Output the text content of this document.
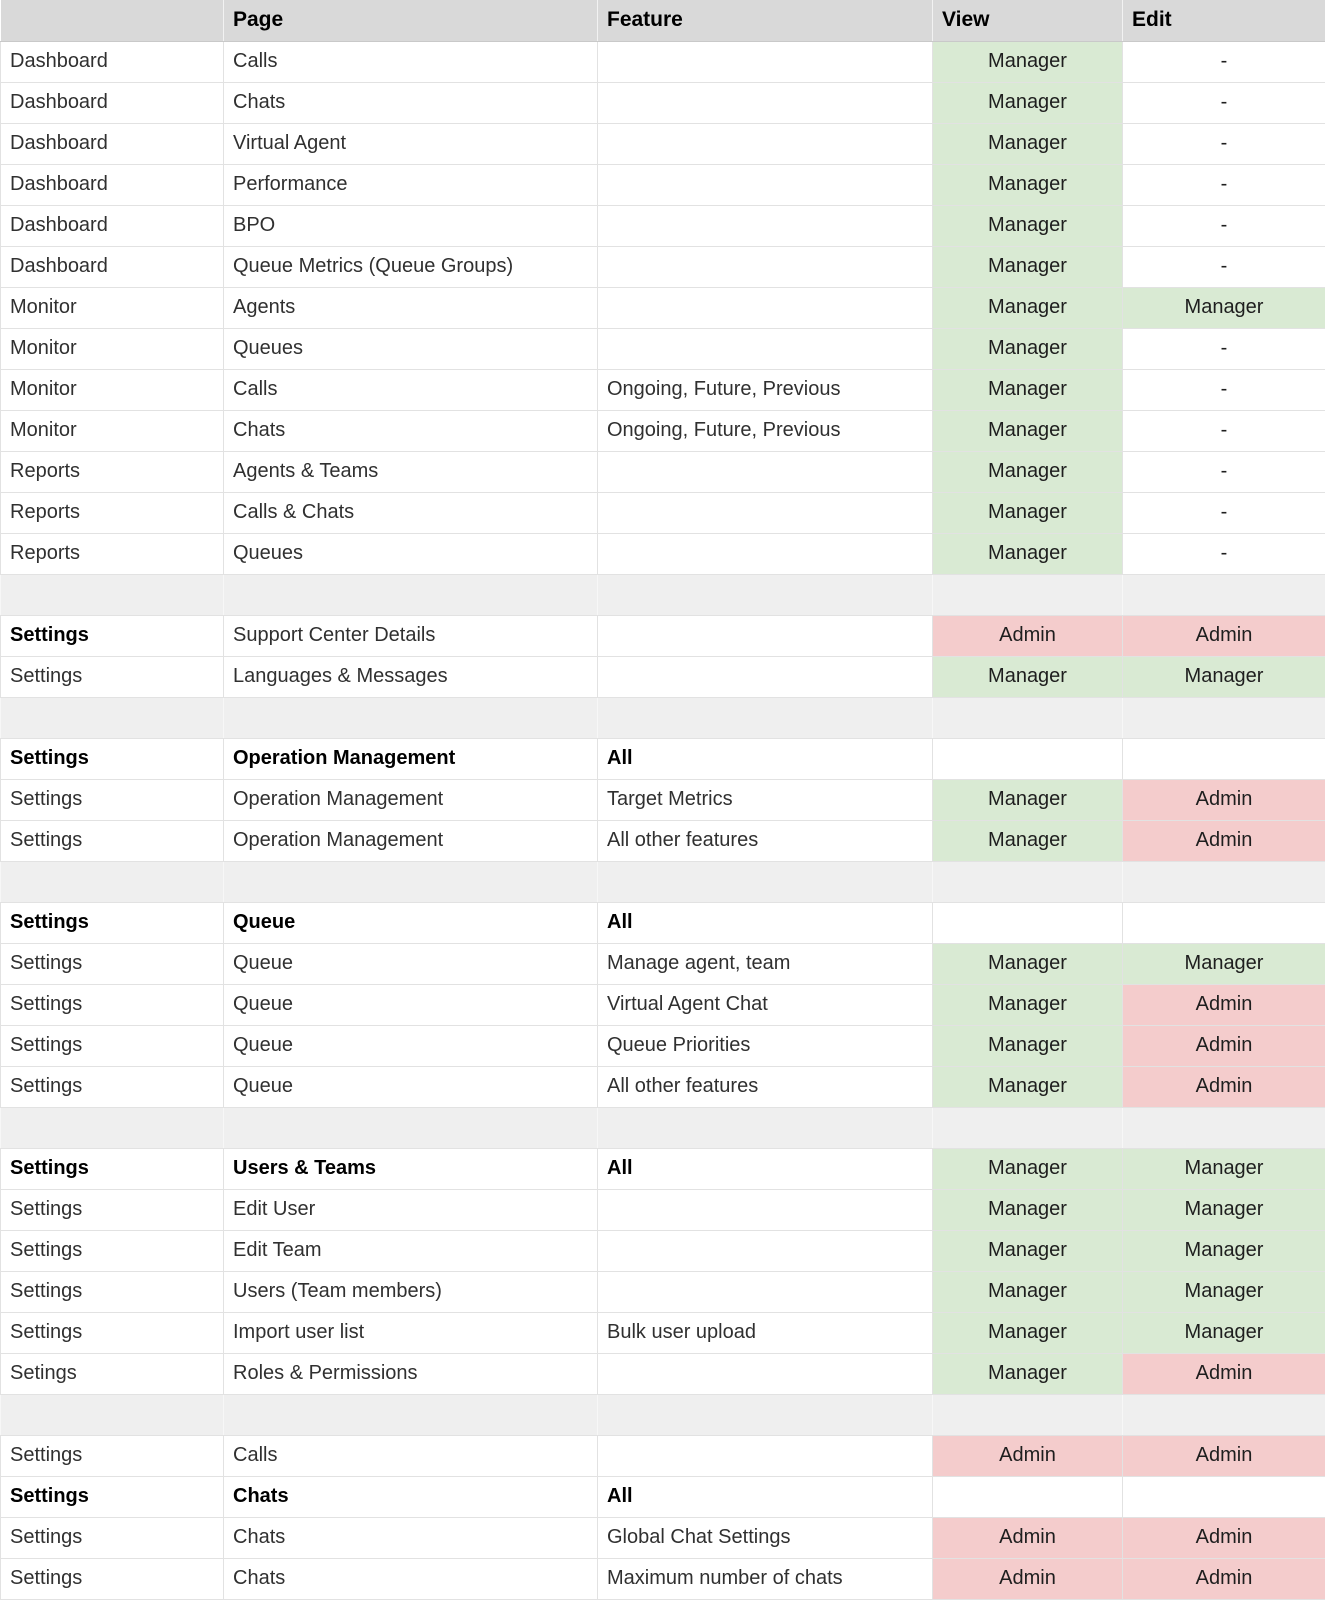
	Page	Feature	View	Edit
Dashboard	Calls		Manager	-
Dashboard	Chats		Manager	-
Dashboard	Virtual Agent		Manager	-
Dashboard	Performance		Manager	-
Dashboard	BPO		Manager	-
Dashboard	Queue Metrics (Queue Groups)		Manager	-
Monitor	Agents		Manager	Manager
Monitor	Queues		Manager	-
Monitor	Calls	Ongoing, Future, Previous	Manager	-
Monitor	Chats	Ongoing, Future, Previous	Manager	-
Reports	Agents & Teams		Manager	-
Reports	Calls & Chats		Manager	-
Reports	Queues		Manager	-

Settings	Support Center Details		Admin	Admin
Settings	Languages & Messages		Manager	Manager

Settings	Operation Management	All		
Settings	Operation Management	Target Metrics	Manager	Admin
Settings	Operation Management	All other features	Manager	Admin

Settings	Queue	All		
Settings	Queue	Manage agent, team	Manager	Manager
Settings	Queue	Virtual Agent Chat	Manager	Admin
Settings	Queue	Queue Priorities	Manager	Admin
Settings	Queue	All other features	Manager	Admin

Settings	Users & Teams	All	Manager	Manager
Settings	Edit User		Manager	Manager
Settings	Edit Team		Manager	Manager
Settings	Users (Team members)		Manager	Manager
Settings	Import user list	Bulk user upload	Manager	Manager
Setings	Roles & Permissions		Manager	Admin

Settings	Calls		Admin	Admin
Settings	Chats	All		
Settings	Chats	Global Chat Settings	Admin	Admin
Settings	Chats	Maximum number of chats	Admin	Admin
